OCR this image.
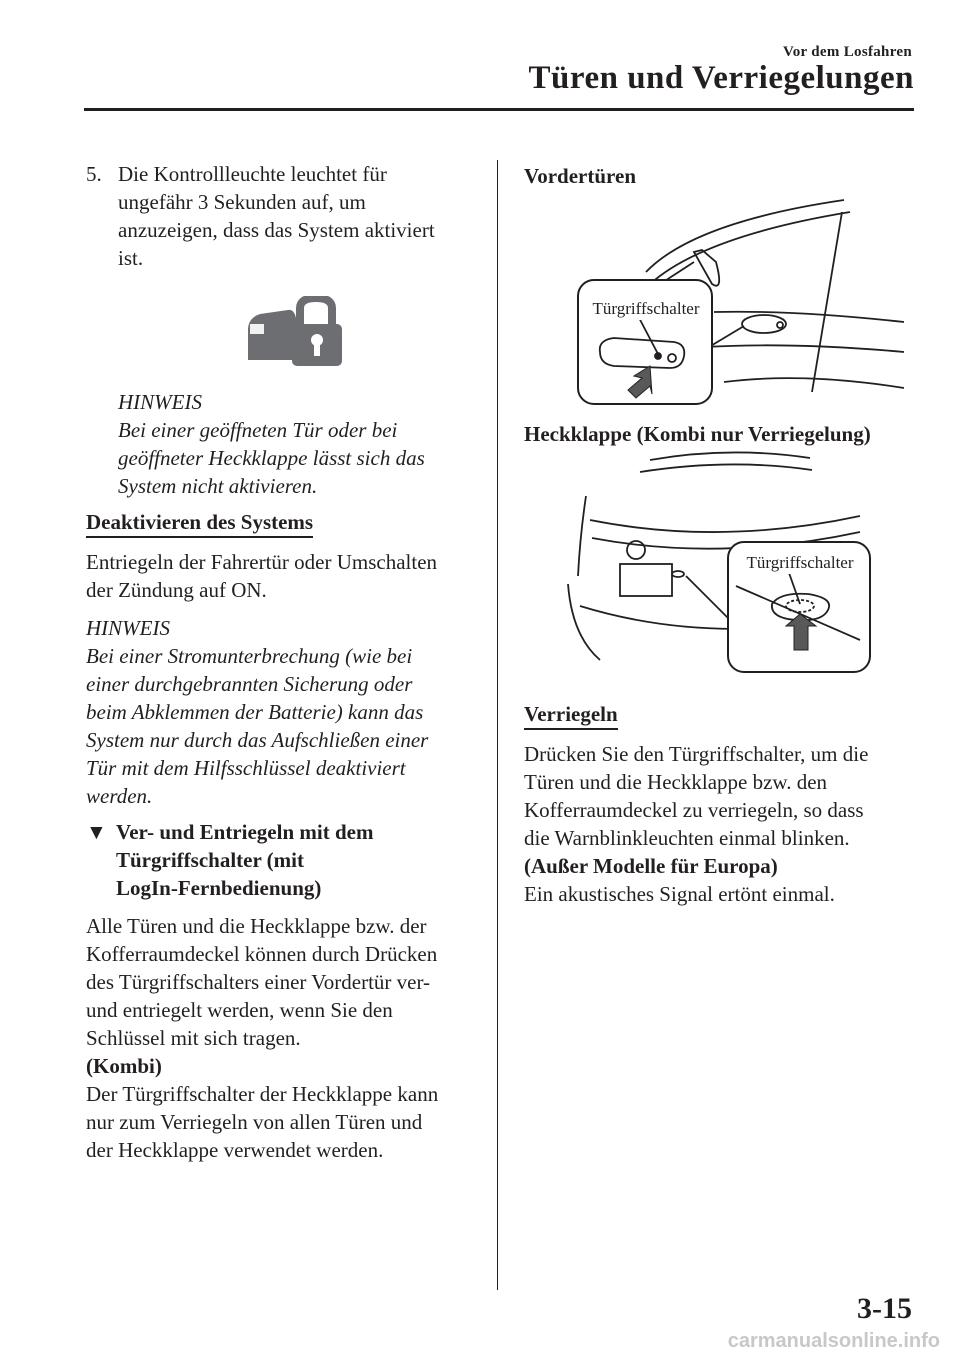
Vor dem Losfahren
Türen und Verriegelungen
5. Die Kontrollleuchte leuchtet für
ungefähr 3 Sekunden auf, um
anzuzeigen, dass das System aktiviert
ist.
HINWEIS
Bei einer geöffneten Tür oder bei
geöffneter Heckklappe lässt sich das
System nicht aktivieren.
Deaktivieren des Systems
Entriegeln der Fahrertür oder Umschalten
der Zündung auf ON.
HINWEIS
Bei einer Stromunterbrechung (wie bei
einer durchgebrannten Sicherung oder
beim Abklemmen der Batterie) kann das
System nur durch das Aufschließen einer
Tür mit dem Hilfsschlüssel deaktiviert
werden.
▼ Ver- und Entriegeln mit dem
Türgriffschalter (mit
LogIn-Fernbedienung)
Alle Türen und die Heckklappe bzw. der
Kofferraumdeckel können durch Drücken
des Türgriffschalters einer Vordertür ver-
und entriegelt werden, wenn Sie den
Schlüssel mit sich tragen.
(Kombi)
Der Türgriffschalter der Heckklappe kann
nur zum Verriegeln von allen Türen und
der Heckklappe verwendet werden.
Vordertüren
Türgriffschalter
Heckklappe (Kombi nur Verriegelung)
Türgriffschalter
Verriegeln
Drücken Sie den Türgriffschalter, um die
Türen und die Heckklappe bzw. den
Kofferraumdeckel zu verriegeln, so dass
die Warnblinkleuchten einmal blinken.
(Außer Modelle für Europa)
Ein akustisches Signal ertönt einmal.
3-15
carmanualsonline.info
